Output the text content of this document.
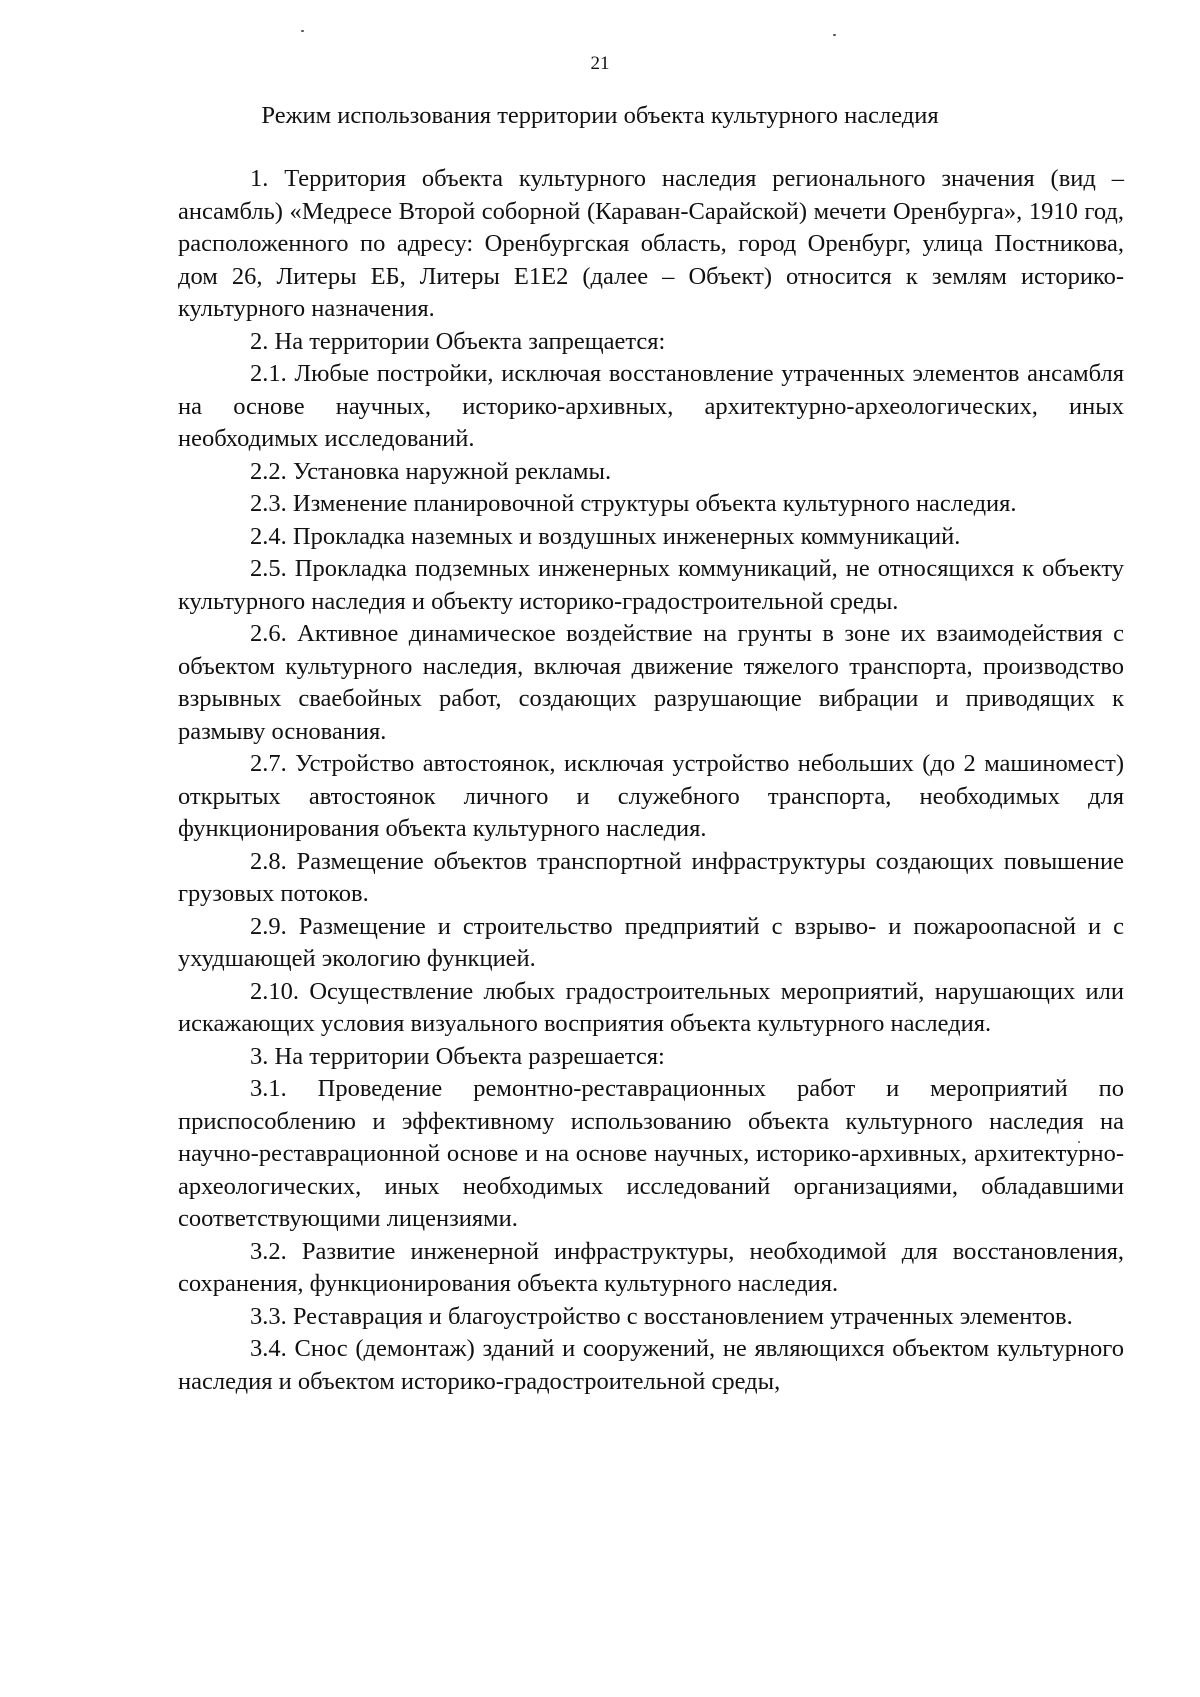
21
Режим использования территории объекта культурного наследия

1. Территория объекта культурного наследия регионального значения (вид – ансамбль) «Медресе Второй соборной (Караван-Сарайской) мечети Оренбурга», 1910 год, расположенного по адресу: Оренбургская область, город Оренбург, улица Постникова, дом 26, Литеры ЕБ, Литеры Е1Е2 (далее – Объект) относится к землям историко-культурного назначения.

2. На территории Объекта запрещается:

2.1. Любые постройки, исключая восстановление утраченных элементов ансамбля на основе научных, историко-архивных, архитектурно-археологических, иных необходимых исследований.

2.2. Установка наружной рекламы.

2.3. Изменение планировочной структуры объекта культурного наследия.

2.4. Прокладка наземных и воздушных инженерных коммуникаций.

2.5. Прокладка подземных инженерных коммуникаций, не относящихся к объекту культурного наследия и объекту историко-градостроительной среды.

2.6. Активное динамическое воздействие на грунты в зоне их взаимодействия с объектом культурного наследия, включая движение тяжелого транспорта, производство взрывных сваебойных работ, создающих разрушающие вибрации и приводящих к размыву основания.

2.7. Устройство автостоянок, исключая устройство небольших (до 2 машиномест) открытых автостоянок личного и служебного транспорта, необходимых для функционирования объекта культурного наследия.

2.8. Размещение объектов транспортной инфраструктуры создающих повышение грузовых потоков.

2.9. Размещение и строительство предприятий с взрыво- и пожароопасной и с ухудшающей экологию функцией.

2.10. Осуществление любых градостроительных мероприятий, нарушающих или искажающих условия визуального восприятия объекта культурного наследия.

3. На территории Объекта разрешается:

3.1. Проведение ремонтно-реставрационных работ и мероприятий по приспособлению и эффективному использованию объекта культурного наследия на научно-реставрационной основе и на основе научных, историко-архивных, архитектурно-археологических, иных необходимых исследований организациями, обладавшими соответствующими лицензиями.

3.2. Развитие инженерной инфраструктуры, необходимой для восстановления, сохранения, функционирования объекта культурного наследия.

3.3. Реставрация и благоустройство с восстановлением утраченных элементов.

3.4. Снос (демонтаж) зданий и сооружений, не являющихся объектом культурного наследия и объектом историко-градостроительной среды,
